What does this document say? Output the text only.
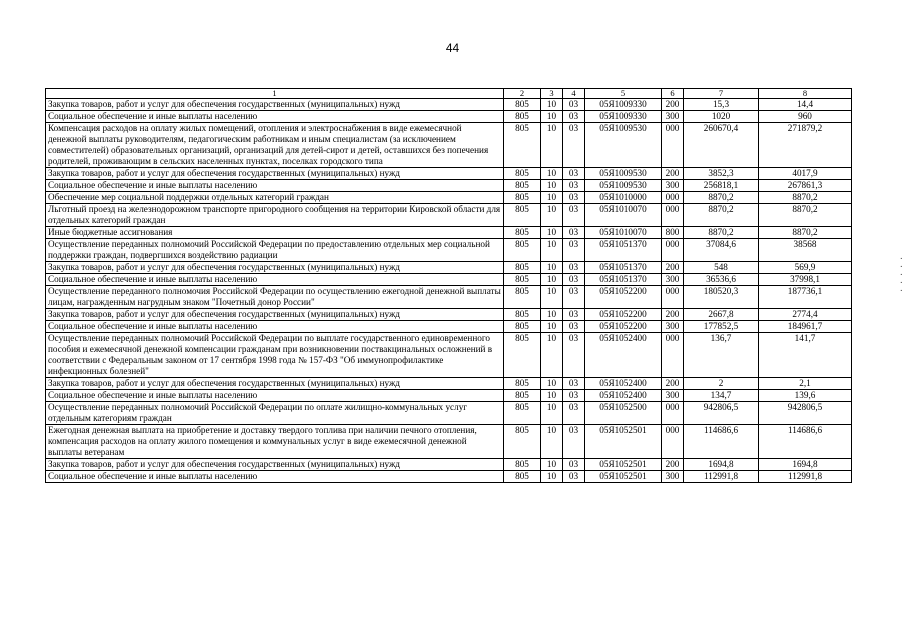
44
1	2	3	4	5	6	7	8
Закупка товаров, работ и услуг для обеспечения государственных (муниципальных) нужд	805	10	03	05Я1009330	200	15,3	14,4
Социальное обеспечение и иные выплаты населению	805	10	03	05Я1009330	300	1020	960
Компенсация расходов на оплату жилых помещений, отопления и электроснабжения в виде ежемесячной денежной выплаты руководителям, педагогическим работникам и иным специалистам (за исключением совместителей) образовательных организаций, организаций для детей-сирот и детей, оставшихся без попечения родителей, проживающим в сельских населенных пунктах, поселках городского типа	805	10	03	05Я1009530	000	260670,4	271879,2
Закупка товаров, работ и услуг для обеспечения государственных (муниципальных) нужд	805	10	03	05Я1009530	200	3852,3	4017,9
Социальное обеспечение и иные выплаты населению	805	10	03	05Я1009530	300	256818,1	267861,3
Обеспечение мер социальной поддержки отдельных категорий граждан	805	10	03	05Я1010000	000	8870,2	8870,2
Льготный проезд на железнодорожном транспорте пригородного сообщения на территории Кировской области для отдельных категорий граждан	805	10	03	05Я1010070	000	8870,2	8870,2
Иные бюджетные ассигнования	805	10	03	05Я1010070	800	8870,2	8870,2
Осуществление переданных полномочий Российской Федерации по предоставлению отдельных мер социальной поддержки граждан, подвергшихся воздействию радиации	805	10	03	05Я1051370	000	37084,6	38568
Закупка товаров, работ и услуг для обеспечения государственных (муниципальных) нужд	805	10	03	05Я1051370	200	548	569,9
Социальное обеспечение и иные выплаты населению	805	10	03	05Я1051370	300	36536,6	37998,1
Осуществление переданного полномочия Российской Федерации по осуществлению ежегодной денежной выплаты лицам, награжденным нагрудным знаком "Почетный донор России"	805	10	03	05Я1052200	000	180520,3	187736,1
Закупка товаров, работ и услуг для обеспечения государственных (муниципальных) нужд	805	10	03	05Я1052200	200	2667,8	2774,4
Социальное обеспечение и иные выплаты населению	805	10	03	05Я1052200	300	177852,5	184961,7
Осуществление переданных полномочий Российской Федерации по выплате государственного единовременного пособия и ежемесячной денежной компенсации гражданам при возникновении поствакцинальных осложнений в соответствии с Федеральным законом от 17 сентября 1998 года № 157-ФЗ "Об иммунопрофилактике инфекционных болезней"	805	10	03	05Я1052400	000	136,7	141,7
Закупка товаров, работ и услуг для обеспечения государственных (муниципальных) нужд	805	10	03	05Я1052400	200	2	2,1
Социальное обеспечение и иные выплаты населению	805	10	03	05Я1052400	300	134,7	139,6
Осуществление переданных полномочий Российской Федерации по оплате жилищно-коммунальных услуг отдельным категориям граждан	805	10	03	05Я1052500	000	942806,5	942806,5
Ежегодная денежная выплата на приобретение и доставку твердого топлива при наличии печного отопления, компенсация расходов на оплату жилого помещения и коммунальных услуг в виде ежемесячной денежной выплаты ветеранам	805	10	03	05Я1052501	000	114686,6	114686,6
Закупка товаров, работ и услуг для обеспечения государственных (муниципальных) нужд	805	10	03	05Я1052501	200	1694,8	1694,8
Социальное обеспечение и иные выплаты населению	805	10	03	05Я1052501	300	112991,8	112991,8
·
·
·
·
·
